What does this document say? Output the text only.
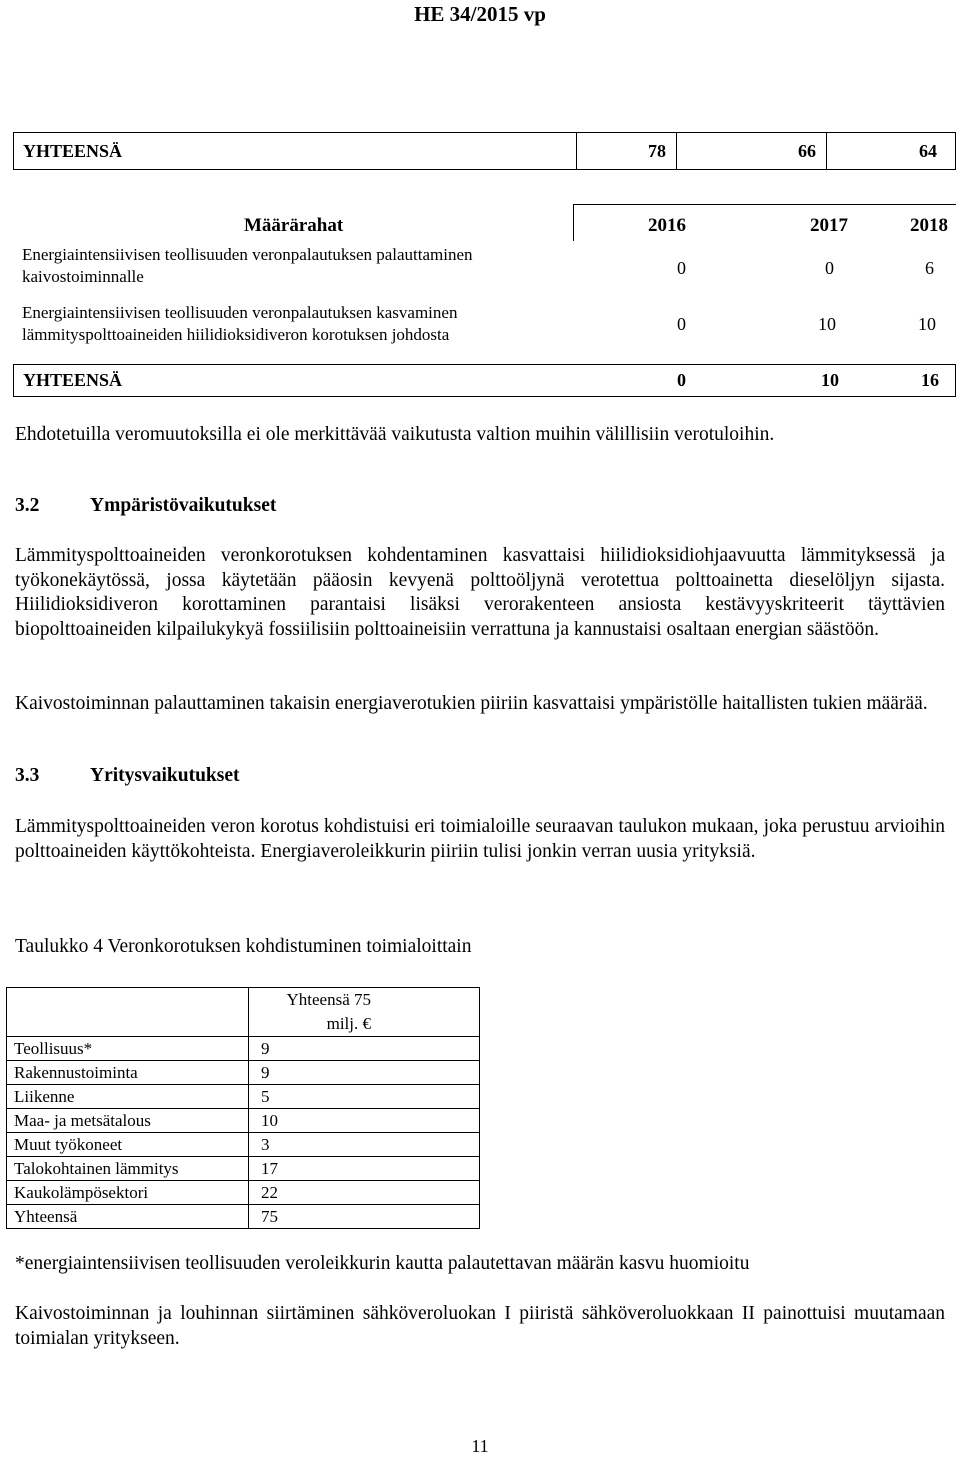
HE 34/2015 vp
YHTEENSÄ	78	66	64
Määrärahat	2016	2017	2018
Energiaintensiivisen teollisuuden veronpalautuksen palauttaminen
kaivostoiminnalle	0	0	6
Energiaintensiivisen teollisuuden veronpalautuksen kasvaminen
lämmityspolttoaineiden hiilidioksidiveron korotuksen johdosta
0	10	10
YHTEENSÄ	0	10	16

Ehdotetuilla veromuutoksilla ei ole merkittävää vaikutusta valtion muihin välillisiin verotuloihin.

3.2	Ympäristövaikutukset

Lämmityspolttoaineiden veronkorotuksen kohdentaminen kasvattaisi hiilidioksidiohjaavuutta lämmityksessä ja työkonekäytössä, jossa käytetään pääosin kevyenä polttoöljynä verotettua polttoainetta dieselöljyn sijasta. Hiilidioksidiveron korottaminen parantaisi lisäksi verorakenteen ansiosta kestävyyskriteerit täyttävien biopolttoaineiden kilpailukykyä fossiilisiin polttoaineisiin verrattuna ja kannustaisi osaltaan energian säästöön.

Kaivostoiminnan palauttaminen takaisin energiaverotukien piiriin kasvattaisi ympäristölle haitallisten tukien määrää.

3.3	Yritysvaikutukset

Lämmityspolttoaineiden veron korotus kohdistuisi eri toimialoille seuraavan taulukon mukaan, joka perustuu arvioihin polttoaineiden käyttökohteista. Energiaveroleikkurin piiriin tulisi jonkin verran uusia yrityksiä.

Taulukko 4 Veronkorotuksen kohdistuminen toimialoittain

	Yhteensä 75
milj. €

Teollisuus*	9
Rakennustoiminta	9
Liikenne	5
Maa- ja metsätalous	10
Muut työkoneet	3
Talokohtainen lämmitys	17
Kaukolämpösektori	22
Yhteensä	75

*energiaintensiivisen teollisuuden veroleikkurin kautta palautettavan määrän kasvu huomioitu

Kaivostoiminnan ja louhinnan siirtäminen sähköveroluokan I piiristä sähköveroluokkaan II painottuisi muutamaan toimialan yritykseen.

11
